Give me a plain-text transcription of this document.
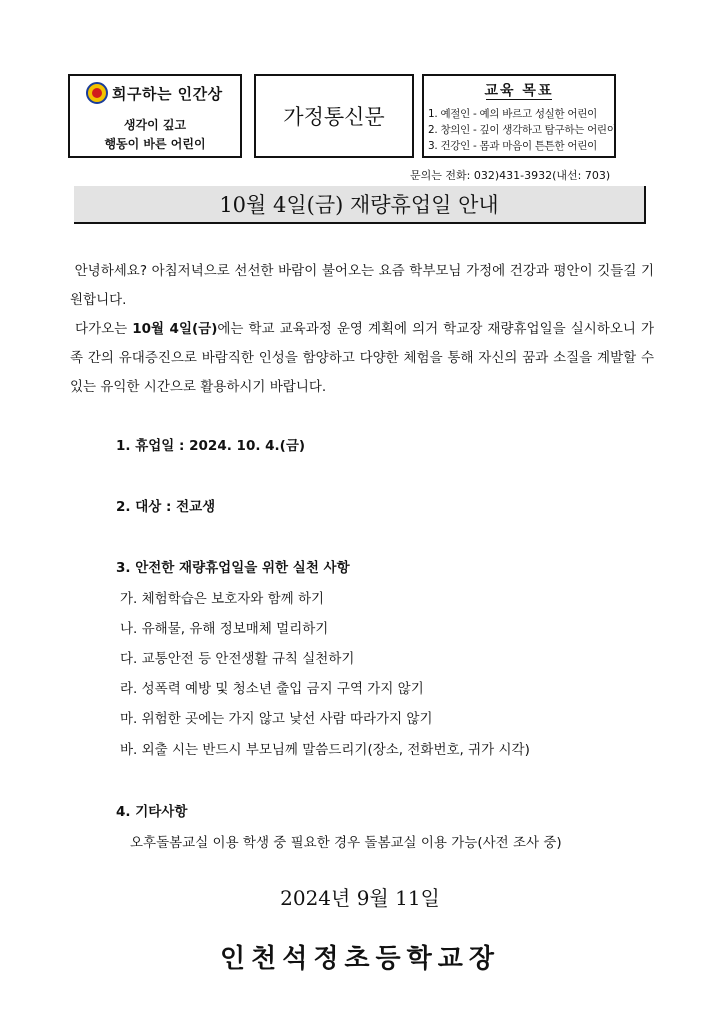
희구하는 인간상
생각이 깊고
행동이 바른 어린이
가정통신문
교육 목표
1. 예절인 - 예의 바르고 성실한 어린이
2. 창의인 - 깊이 생각하고 탐구하는 어린이
3. 건강인 - 몸과 마음이 튼튼한 어린이
문의는 전화: 032)431-3932(내선: 703)
10월 4일(금) 재량휴업일 안내
안녕하세요? 아침저녁으로 선선한 바람이 불어오는 요즘 학부모님 가정에 건강과 평안이 깃들길 기원합니다.
다가오는 10월 4일(금)에는 학교 교육과정 운영 계획에 의거 학교장 재량휴업일을 실시하오니 가족 간의 유대증진으로 바람직한 인성을 함양하고 다양한 체험을 통해 자신의 꿈과 소질을 계발할 수 있는 유익한 시간으로 활용하시기 바랍니다.
1. 휴업일 : 2024. 10. 4.(금)
2. 대상 : 전교생
3. 안전한 재량휴업일을 위한 실천 사항
가. 체험학습은 보호자와 함께 하기
나. 유해물, 유해 정보매체 멀리하기
다. 교통안전 등 안전생활 규칙 실천하기
라. 성폭력 예방 및 청소년 출입 금지 구역 가지 않기
마. 위험한 곳에는 가지 않고 낯선 사람 따라가지 않기
바. 외출 시는 반드시 부모님께 말씀드리기(장소, 전화번호, 귀가 시각)
4. 기타사항
오후돌봄교실 이용 학생 중 필요한 경우 돌봄교실 이용 가능(사전 조사 중)
2024년 9월 11일
인천석정초등학교장
